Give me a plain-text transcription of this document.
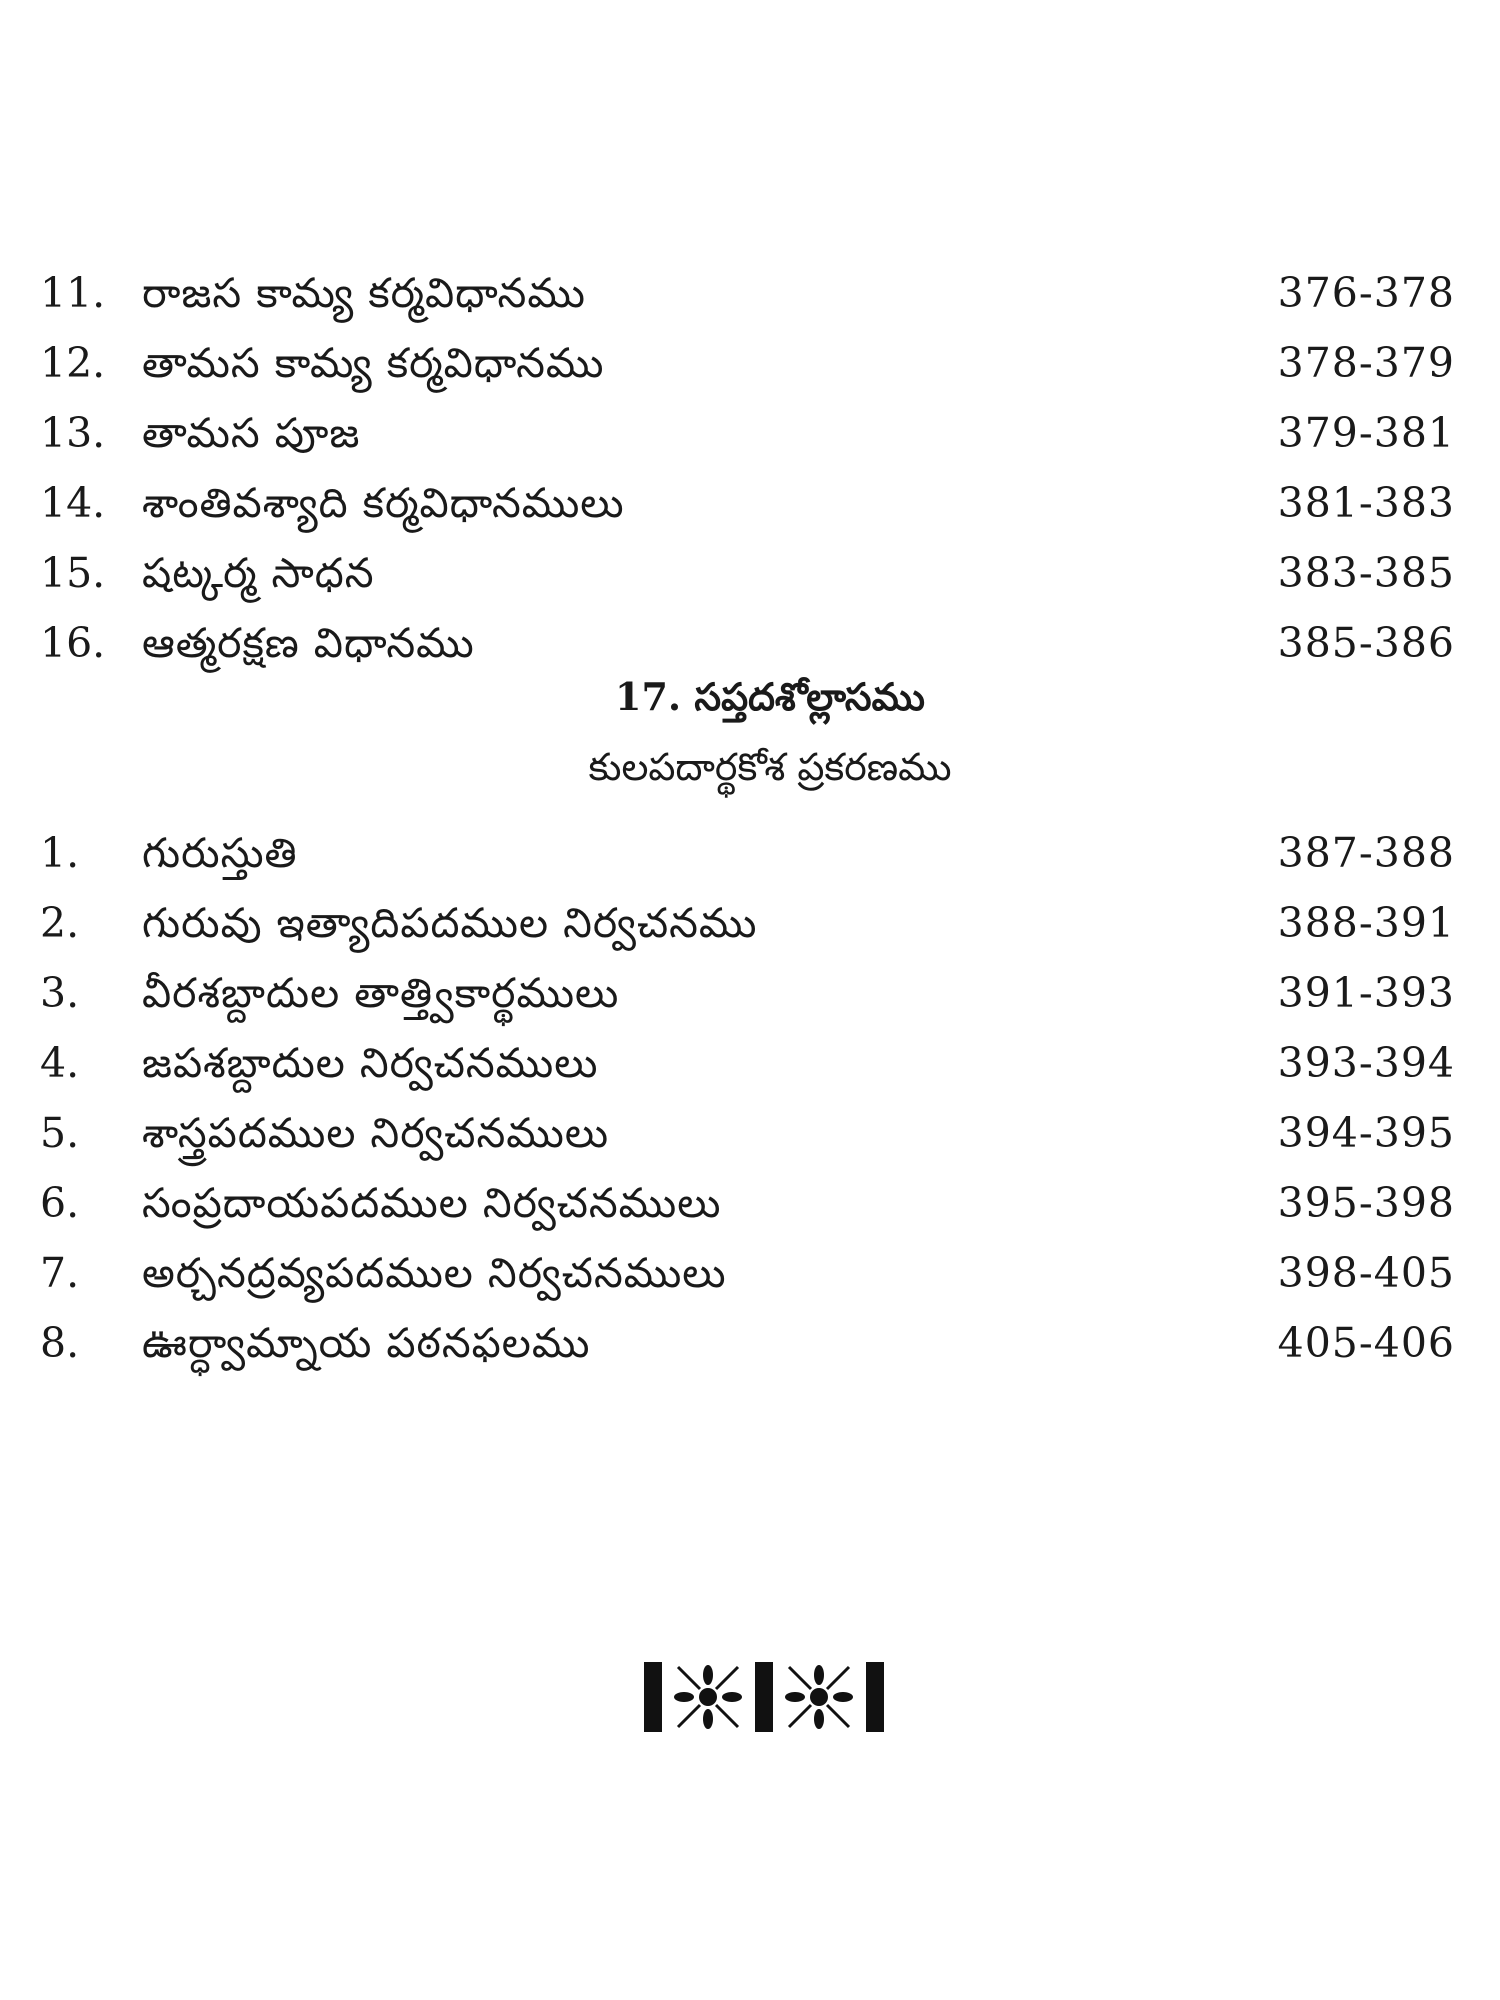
11. రాజస కామ్య కర్మవిధానము	376-378
12. తామస కామ్య కర్మవిధానము	378-379
13. తామస పూజ	379-381
14. శాంతివశ్యాది కర్మవిధానములు	381-383
15. షట్కర్మ సాధన	383-385
16. ఆత్మరక్షణ విధానము	385-386
17. సప్తదశోల్లాసము
కులపదార్థకోశ ప్రకరణము
1. గురుస్తుతి	387-388
2. గురువు ఇత్యాదిపదముల నిర్వచనము	388-391
3. వీరశబ్దాదుల తాత్త్వికార్థములు	391-393
4. జపశబ్దాదుల నిర్వచనములు	393-394
5. శాస్త్రపదముల నిర్వచనములు	394-395
6. సంప్రదాయపదముల నిర్వచనములు	395-398
7. అర్చనద్రవ్యపదముల నిర్వచనములు	398-405
8. ఊర్ధ్వామ్నాయ పఠనఫలము	405-406
